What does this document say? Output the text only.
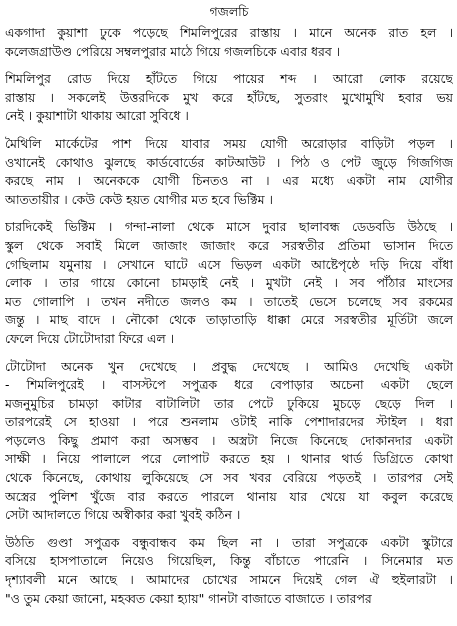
গজলচি
একগাদা কুয়াশা ঢুকে পড়েছে শিমলিপুরের রাস্তায় । মানে অনেক রাত হল ।
কলেজগ্রাউণ্ড পেরিয়ে সম্বলপুরার মাঠে গিয়ে গজলচিকে এবার ধরব ।
শিমলিপুর রোড দিয়ে হাঁটতে গিয়ে পায়ের শব্দ । আরো লোক রয়েছে
রাস্তায় । সকলেই উত্তরদিকে মুখ করে হাঁটছে, সুতরাং মুখোমুখি হবার ভয়
নেই । কুয়াশাটা থাকায় আরো সুবিধে ।
মৈথিলি মার্কেটের পাশ দিয়ে যাবার সময় যোগী অরোড়ার বাড়িটা পড়ল ।
ওখানেই কোথাও ঝুলছে কার্ডবোর্ডের কাটআউট । পিঠ ও পেট জুড়ে গিজগিজ
করছে নাম । অনেককে যোগী চিনতও না । এর মধ্যে একটা নাম যোগীর
আততায়ীর । কেউ কেউ হয়ত যোগীর মত হবে ভিক্টিম ।
চারদিকেই ভিক্টিম । গন্দা-নালা থেকে মাসে দুবার ছালাবন্ধ ডেডবডি উঠছে ।
স্কুল থেকে সবাই মিলে জাজাং জাজাং করে সরস্বতীর প্রতিমা ভাসান দিতে
গেছিলাম যমুনায় । সেখানে ঘাটে এসে ভিড়ল একটা আষ্টেপৃষ্ঠে দড়ি দিয়ে বাঁধা
লোক । তার গায়ে কোনো চামড়াই নেই । মুখটা নেই । সব পাঁঠার মাংসের
মত গোলাপি । তখন নদীতে জলও কম । তাতেই ভেসে চলেছে সব রকমের
জন্তু । মাছ বাদে । নৌকো থেকে তাড়াতাড়ি ধাক্কা মেরে সরস্বতীর মূর্তিটা জলে
ফেলে দিয়ে টোটোদারা ফিরে এল ।
টোটোদা অনেক খুন দেখেছে । প্রবুদ্ধ দেখেছে । আমিও দেখেছি একটা
- শিমলিপুরেই । বাসস্টপে সপুত্রক ধরে বেপাড়ার অচেনা একটা ছেলে
মজনুমুচির চামড়া কাটার বাটালিটা তার পেটে ঢুকিয়ে মুচড়ে ছেড়ে দিল ।
তারপরেই সে হাওয়া । পরে শুনলাম ওটাই নাকি পেশাদারদের স্টাইল । ধরা
পড়লেও কিছু প্রমাণ করা অসম্ভব । অস্ত্রটা নিজে কিনেছে দোকানদার একটা
সাক্ষী । নিয়ে পালালে পরে লোপাট করতে হয় । থানার থার্ড ডিগ্রিতে কোথা
থেকে কিনেছে, কোথায় লুকিয়েছে সে সব খবর বেরিয়ে পড়তই । তারপর সেই
অস্ত্রের পুলিশ খুঁজে বার করতে পারলে থানায় যার খেয়ে যা কবুল করেছে
সেটা আদালতে গিয়ে অস্বীকার করা খুবই কঠিন ।
উঠতি গুণ্ডা সপুত্রক বন্ধুবান্ধব কম ছিল না । তারা সপুত্রকে একটা স্কুটারে
বসিয়ে হাসপাতালে নিয়েও গিয়েছিল, কিন্তু বাঁচাতে পারেনি । সিনেমার মত
দৃশ্যাবলী মনে আছে । আমাদের চোখের সামনে দিয়েই গেল ঐ হুইলারটা ।
"ও তুম কেয়া জানো, মহব্বত কেয়া হ্যায়" গানটা বাজাতে বাজাতে । তারপর
